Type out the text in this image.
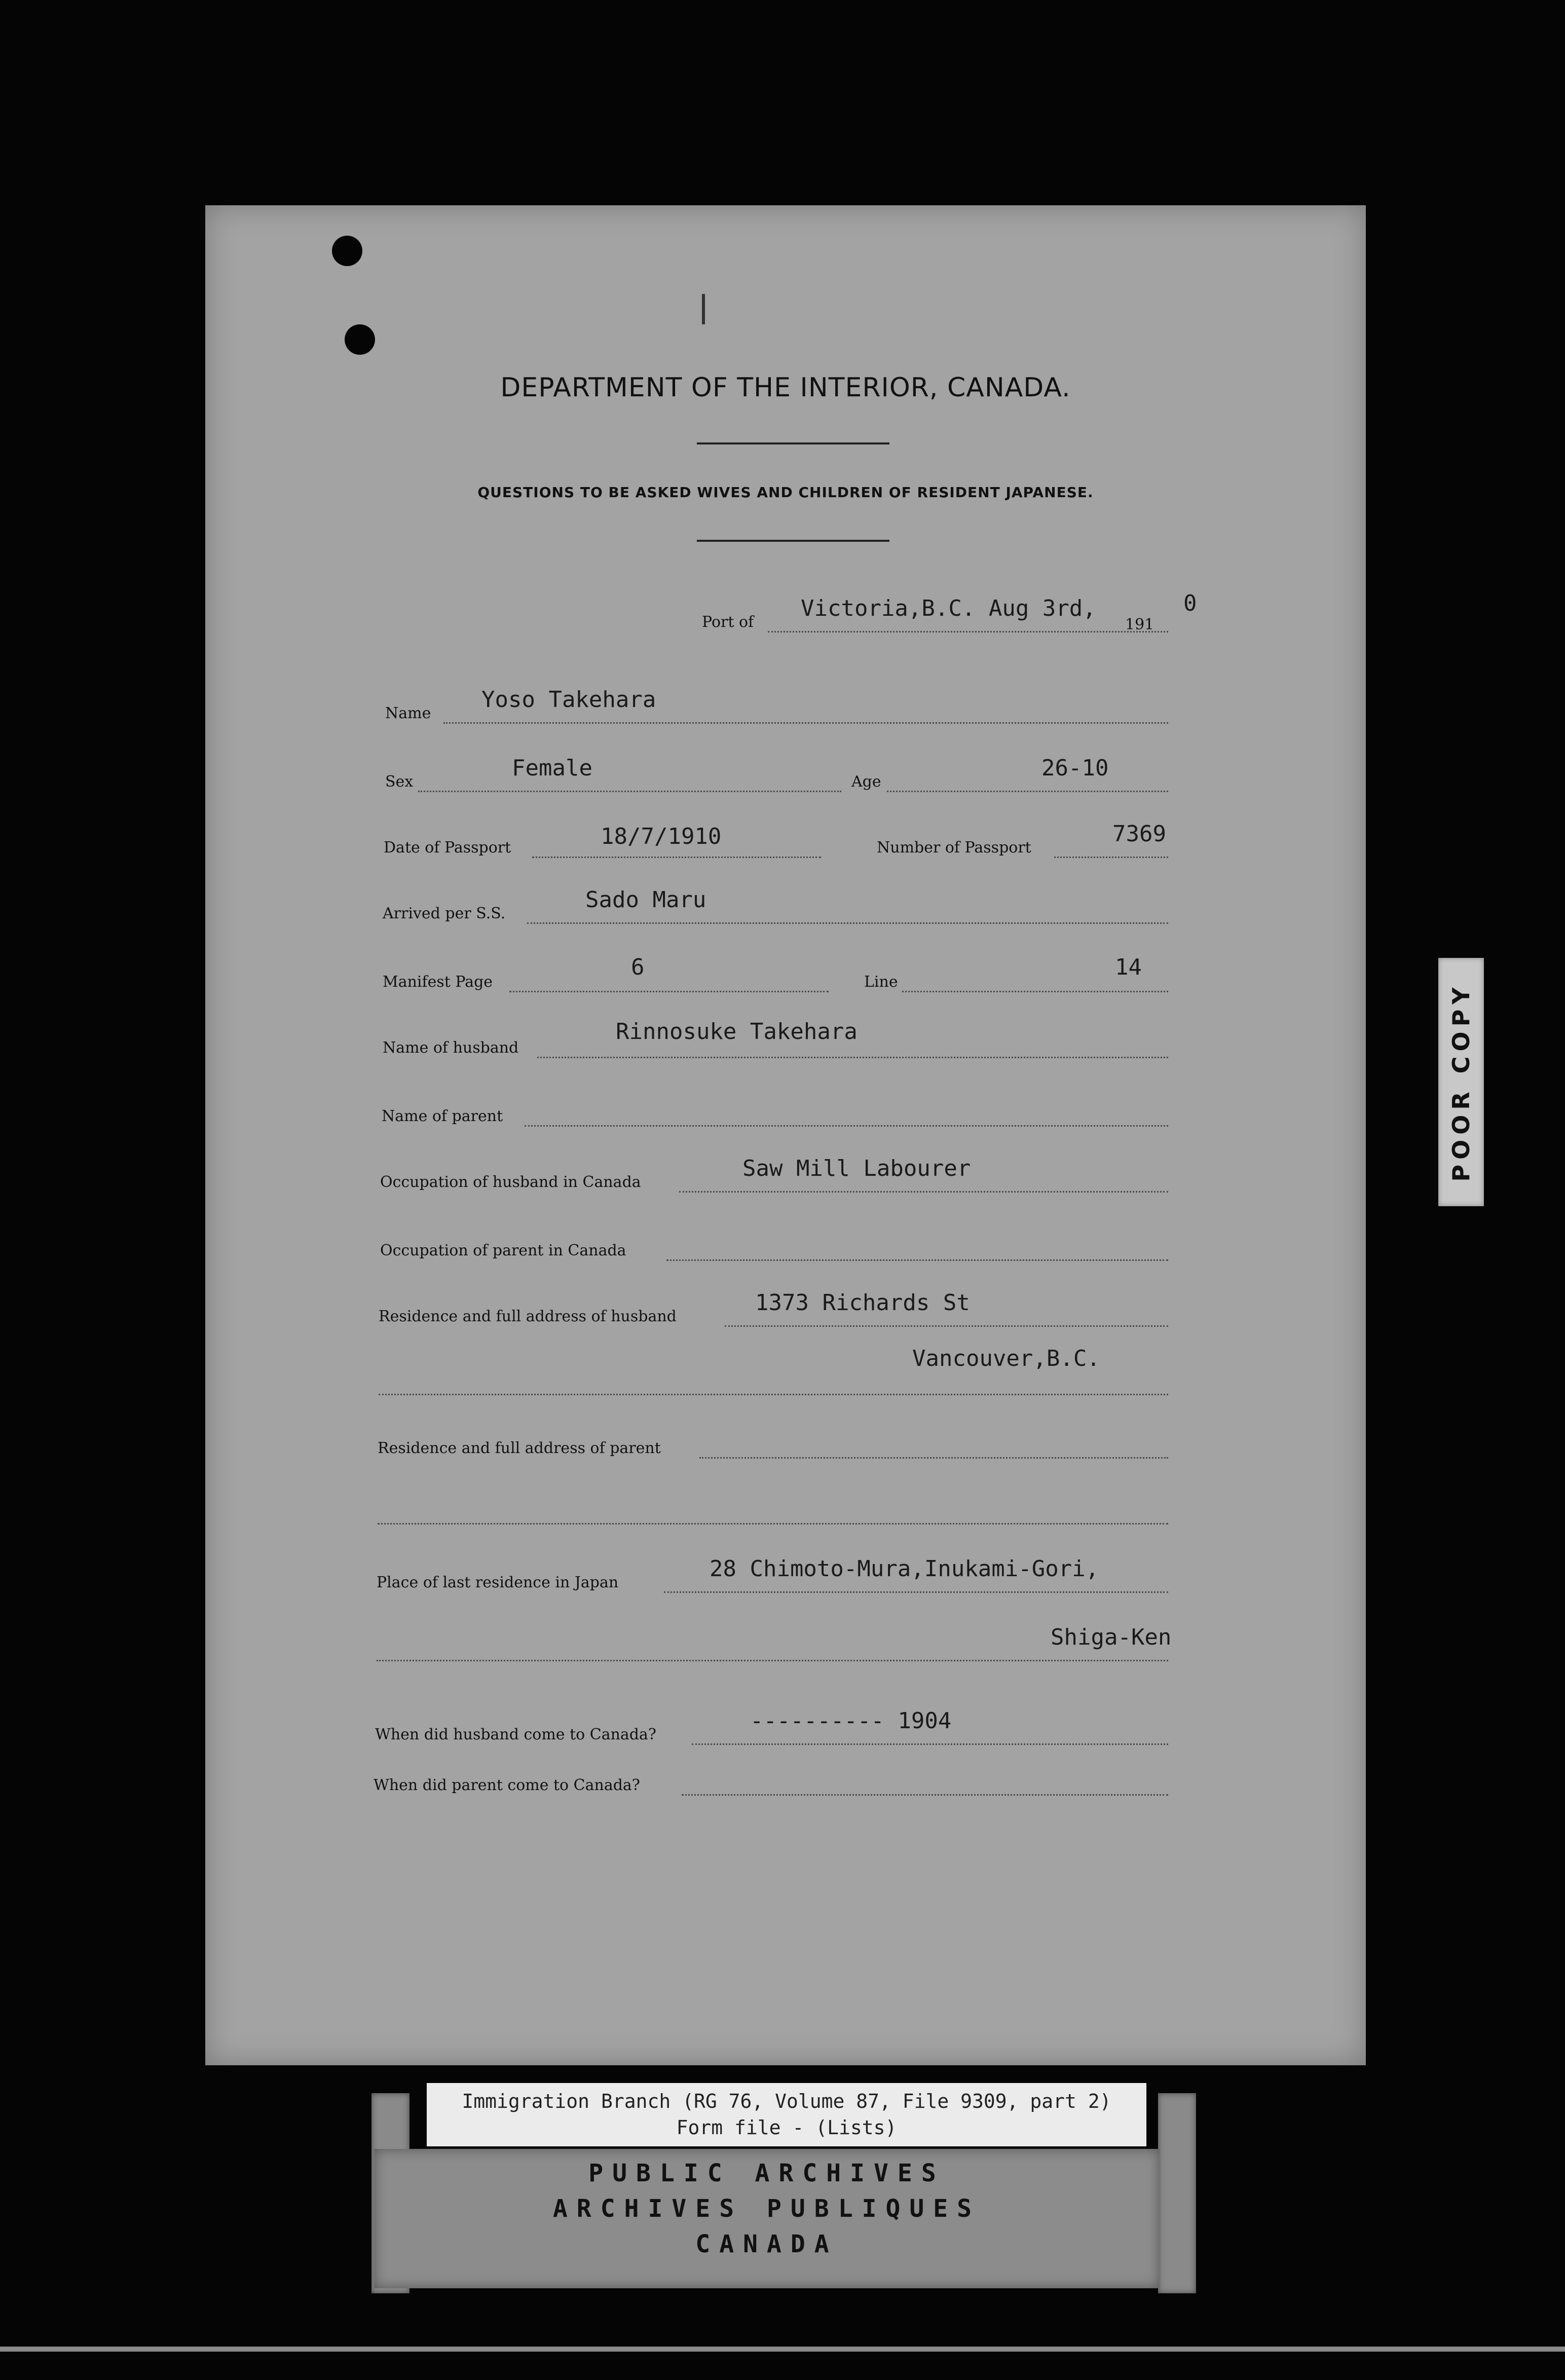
DEPARTMENT OF THE INTERIOR, CANADA.
QUESTIONS TO BE ASKED WIVES AND CHILDREN OF RESIDENT JAPANESE.
Port of
Victoria,B.C. Aug 3rd,
191
0
Name
Yoso Takehara
Sex
Female
Age
26-10
Date of Passport	18/7/1910	Number of Passport
7369
Arrived per S.S.
Sado Maru
Manifest Page
6
Line
14
Name of husband
Rinnosuke Takehara
Name of parent
Occupation of husband in Canada
Saw Mill Labourer
Occupation of parent in Canada
Residence and full address of husband
1373 Richards St
Vancouver,B.C.
Residence and full address of parent
Place of last residence in Japan
28 Chimoto-Mura,Inukami-Gori,
Shiga-Ken
When did husband come to Canada?
---------- 1904
When did parent come to Canada?
POOR COPY
PUBLIC ARCHIVES
ARCHIVES PUBLIQUES
CANADA
Immigration Branch (RG 76, Volume 87, File 9309, part 2)
Form file - (Lists)
